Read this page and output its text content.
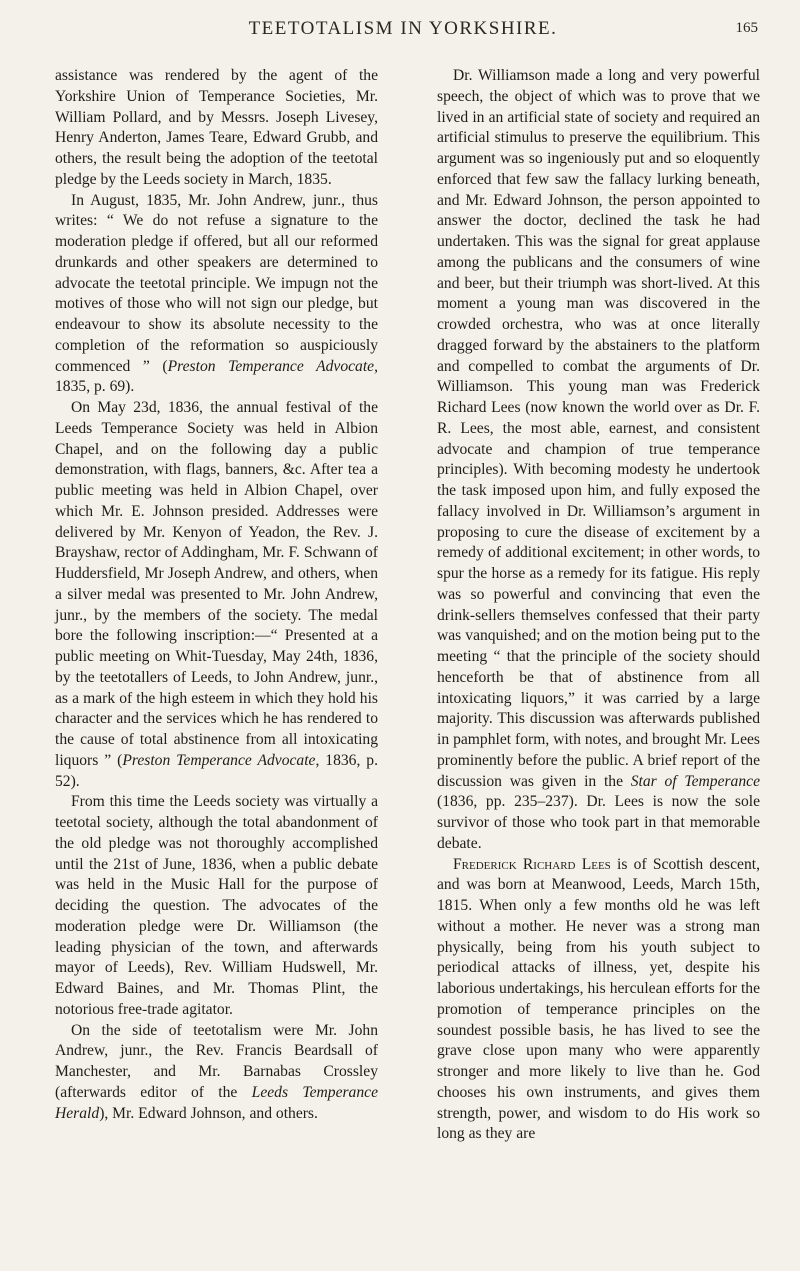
TEETOTALISM IN YORKSHIRE.	165

assistance was rendered by the agent of the Yorkshire Union of Temperance Societies, Mr. William Pollard, and by Messrs. Joseph Livesey, Henry Anderton, James Teare, Edward Grubb, and others, the result being the adoption of the teetotal pledge by the Leeds society in March, 1835.

In August, 1835, Mr. John Andrew, junr., thus writes: “ We do not refuse a signature to the moderation pledge if offered, but all our reformed drunkards and other speakers are determined to advocate the teetotal principle. We impugn not the motives of those who will not sign our pledge, but endeavour to show its absolute necessity to the completion of the reformation so auspiciously commenced ” (Preston Temperance Advocate, 1835, p. 69).

On May 23d, 1836, the annual festival of the Leeds Temperance Society was held in Albion Chapel, and on the following day a public demonstration, with flags, banners, &c. After tea a public meeting was held in Albion Chapel, over which Mr. E. Johnson presided. Addresses were delivered by Mr. Kenyon of Yeadon, the Rev. J. Brayshaw, rector of Addingham, Mr. F. Schwann of Huddersfield, Mr Joseph Andrew, and others, when a silver medal was presented to Mr. John Andrew, junr., by the members of the society. The medal bore the following inscription:—“ Presented at a public meeting on Whit-Tuesday, May 24th, 1836, by the teetotallers of Leeds, to John Andrew, junr., as a mark of the high esteem in which they hold his character and the services which he has rendered to the cause of total abstinence from all intoxicating liquors ” (Preston Temperance Advocate, 1836, p. 52).

From this time the Leeds society was virtually a teetotal society, although the total abandonment of the old pledge was not thoroughly accomplished until the 21st of June, 1836, when a public debate was held in the Music Hall for the purpose of deciding the question. The advocates of the moderation pledge were Dr. Williamson (the leading physician of the town, and afterwards mayor of Leeds), Rev. William Hudswell, Mr. Edward Baines, and Mr. Thomas Plint, the notorious free-trade agitator.

On the side of teetotalism were Mr. John Andrew, junr., the Rev. Francis Beardsall of Manchester, and Mr. Barnabas Crossley (afterwards editor of the Leeds Temperance Herald), Mr. Edward Johnson, and others.

Dr. Williamson made a long and very powerful speech, the object of which was to prove that we lived in an artificial state of society and required an artificial stimulus to preserve the equilibrium. This argument was so ingeniously put and so eloquently enforced that few saw the fallacy lurking beneath, and Mr. Edward Johnson, the person appointed to answer the doctor, declined the task he had undertaken. This was the signal for great applause among the publicans and the consumers of wine and beer, but their triumph was short-lived. At this moment a young man was discovered in the crowded orchestra, who was at once literally dragged forward by the abstainers to the platform and compelled to combat the arguments of Dr. Williamson. This young man was Frederick Richard Lees (now known the world over as Dr. F. R. Lees, the most able, earnest, and consistent advocate and champion of true temperance principles). With becoming modesty he undertook the task imposed upon him, and fully exposed the fallacy involved in Dr. Williamson’s argument in proposing to cure the disease of excitement by a remedy of additional excitement; in other words, to spur the horse as a remedy for its fatigue. His reply was so powerful and convincing that even the drink-sellers themselves confessed that their party was vanquished; and on the motion being put to the meeting “ that the principle of the society should henceforth be that of abstinence from all intoxicating liquors,” it was carried by a large majority. This discussion was afterwards published in pamphlet form, with notes, and brought Mr. Lees prominently before the public. A brief report of the discussion was given in the Star of Temperance (1836, pp. 235–237). Dr. Lees is now the sole survivor of those who took part in that memorable debate.

Frederick Richard Lees is of Scottish descent, and was born at Meanwood, Leeds, March 15th, 1815. When only a few months old he was left without a mother. He never was a strong man physically, being from his youth subject to periodical attacks of illness, yet, despite his laborious undertakings, his herculean efforts for the promotion of temperance principles on the soundest possible basis, he has lived to see the grave close upon many who were apparently stronger and more likely to live than he. God chooses his own instruments, and gives them strength, power, and wisdom to do His work so long as they are
